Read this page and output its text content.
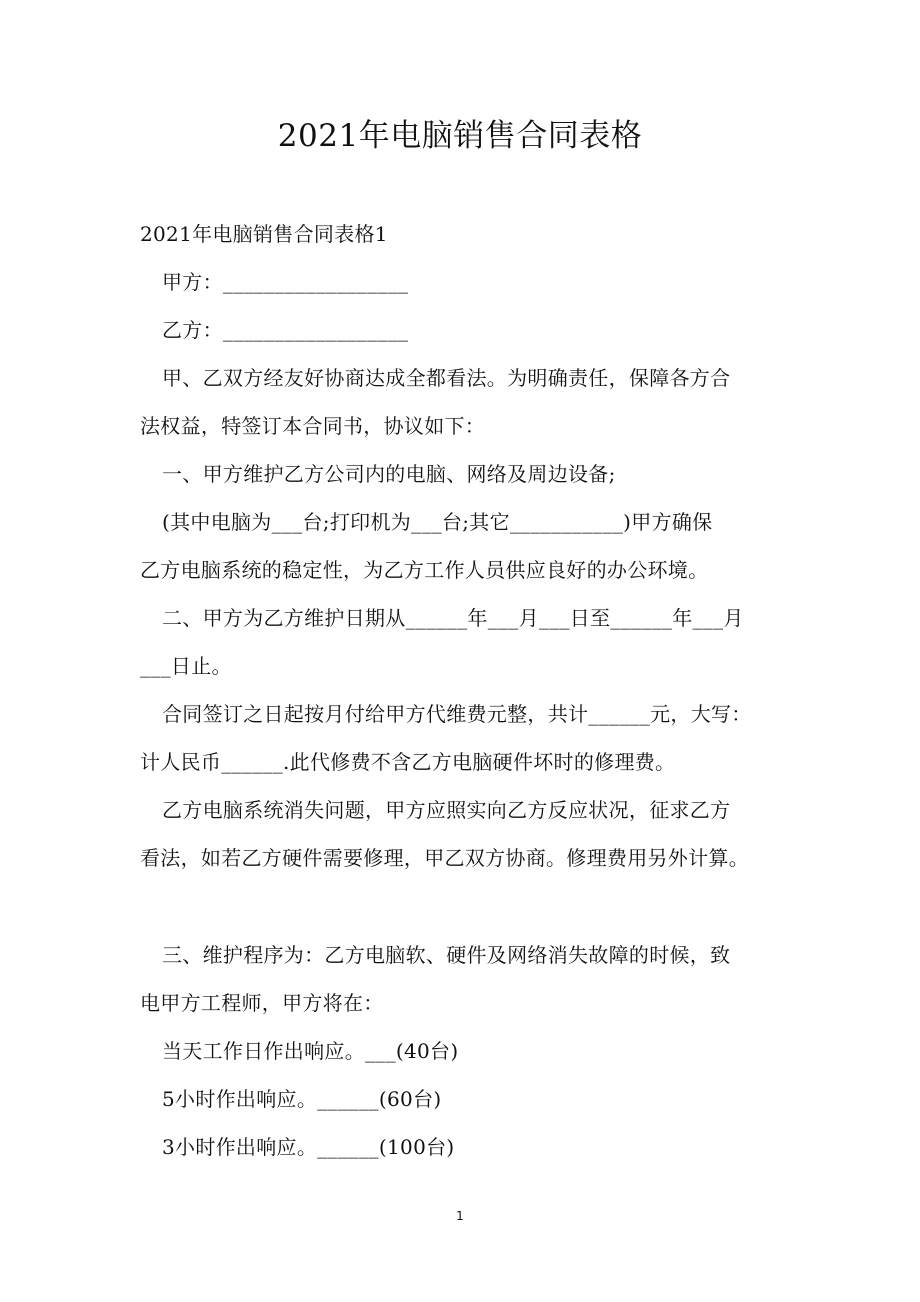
2021年电脑销售合同表格
2021年电脑销售合同表格1
甲方：__________________
乙方：__________________
甲、乙双方经友好协商达成全都看法。为明确责任，保障各方合
法权益，特签订本合同书，协议如下：
一、甲方维护乙方公司内的电脑、网络及周边设备;
(其中电脑为___台;打印机为___台;其它___________)甲方确保
乙方电脑系统的稳定性，为乙方工作人员供应良好的办公环境。
二、甲方为乙方维护日期从______年___月___日至______年___月
___日止。
合同签订之日起按月付给甲方代维费元整，共计______元，大写：
计人民币______.此代修费不含乙方电脑硬件坏时的修理费。
乙方电脑系统消失问题，甲方应照实向乙方反应状况，征求乙方
看法，如若乙方硬件需要修理，甲乙双方协商。修理费用另外计算。
三、维护程序为：乙方电脑软、硬件及网络消失故障的时候，致
电甲方工程师，甲方将在：
当天工作日作出响应。___(40台)
5小时作出响应。______(60台)
3小时作出响应。______(100台)
1
